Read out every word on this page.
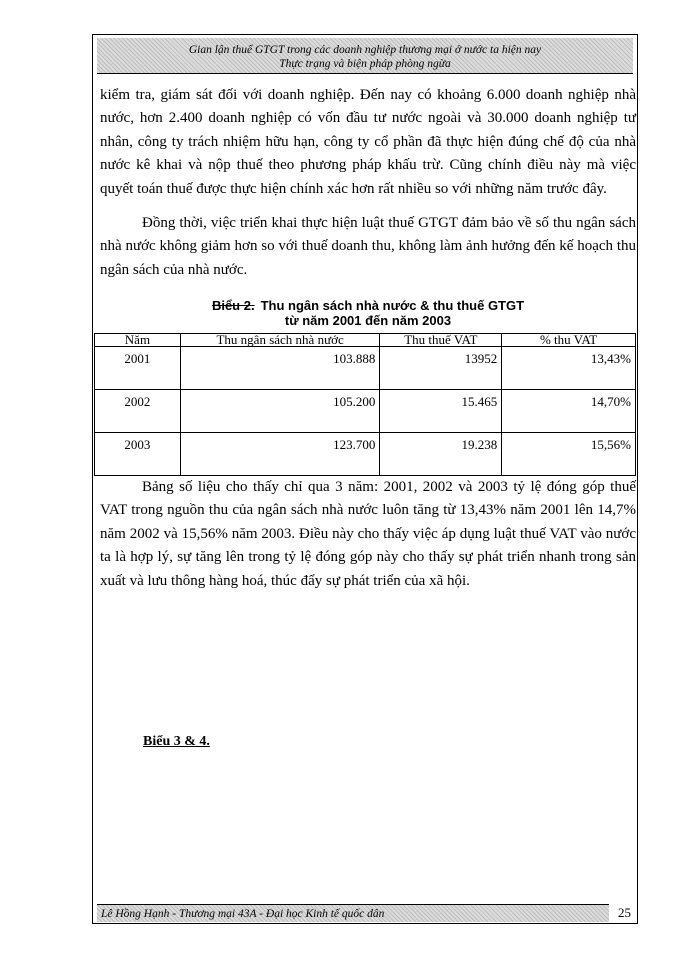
Gian lận thuế GTGT trong các doanh nghiệp thương mại ở nước ta hiện nay
Thực trạng và biện pháp phòng ngừa

kiểm tra, giám sát đối với doanh nghiệp. Đến nay có khoảng 6.000 doanh nghiệp nhà nước, hơn 2.400 doanh nghiệp có vốn đầu tư nước ngoài và 30.000 doanh nghiệp tư nhân, công ty trách nhiệm hữu hạn, công ty cổ phần đã thực hiện đúng chế độ của nhà nước kê khai và nộp thuế theo phương pháp khấu trừ. Cũng chính điều này mà việc quyết toán thuế được thực hiện chính xác hơn rất nhiều so với những năm trước đây.

Đồng thời, việc triển khai thực hiện luật thuế GTGT đảm bảo về số thu ngân sách nhà nước không giảm hơn so với thuế doanh thu, không làm ảnh hưởng đến kế hoạch thu ngân sách của nhà nước.

Biểu 2. Thu ngân sách nhà nước & thu thuế GTGT
từ năm 2001 đến năm 2003
Năm	Thu ngân sách nhà nước	Thu thuế VAT	% thu VAT
2001	103.888	13952	13,43%
2002	105.200	15.465	14,70%
2003	123.700	19.238	15,56%

Bảng số liệu cho thấy chỉ qua 3 năm: 2001, 2002 và 2003 tỷ lệ đóng góp thuế VAT trong nguồn thu của ngân sách nhà nước luôn tăng từ 13,43% năm 2001 lên 14,7% năm 2002 và 15,56% năm 2003. Điều này cho thấy việc áp dụng luật thuế VAT vào nước ta là hợp lý, sự tăng lên trong tỷ lệ đóng góp này cho thấy sự phát triển nhanh trong sản xuất và lưu thông hàng hoá, thúc đẩy sự phát triển của xã hội.

Biểu 3 & 4.
Lê Hồng Hạnh - Thương mại 43A - Đại học Kinh tế quốc dân	25
